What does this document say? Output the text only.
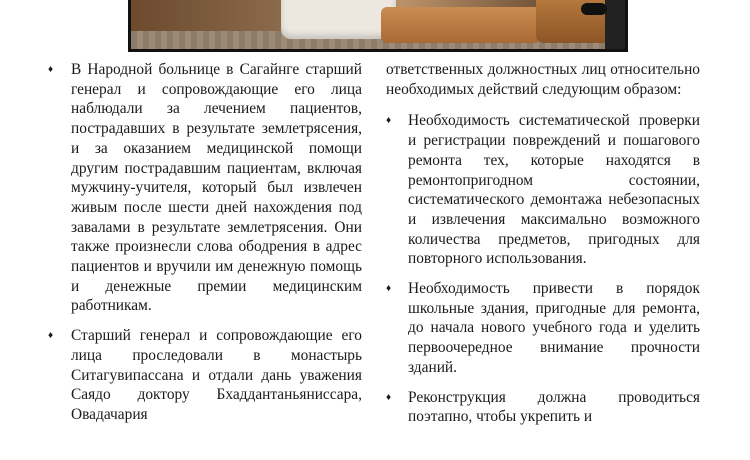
♦ В Народной больнице в Сагайнге старший генерал и сопровождающие его лица наблюдали за лечением пациентов, пострадавших в результате землетрясения, и за оказанием медицинской помощи другим пострадавшим пациентам, включая мужчину-учителя, который был извлечен живым после шести дней нахождения под завалами в результате землетрясения. Они также произнесли слова ободрения в адрес пациентов и вручили им денежную помощь и денежные премии медицинским работникам.
♦ Старший генерал и сопровождающие его лица проследовали в монастырь Ситагувипассана и отдали дань уважения Саядо доктору Бхаддантаньяниссара, Овадачария
ответственных должностных лиц относительно необходимых действий следующим образом:
♦ Необходимость систематической проверки и регистрации повреждений и пошагового ремонта тех, которые находятся в ремонтопригодном состоянии, систематического демонтажа небезопасных и извлечения максимально возможного количества предметов, пригодных для повторного использования.
♦ Необходимость привести в порядок школьные здания, пригодные для ремонта, до начала нового учебного года и уделить первоочередное внимание прочности зданий.
♦ Реконструкция должна проводиться поэтапно, чтобы укрепить и
